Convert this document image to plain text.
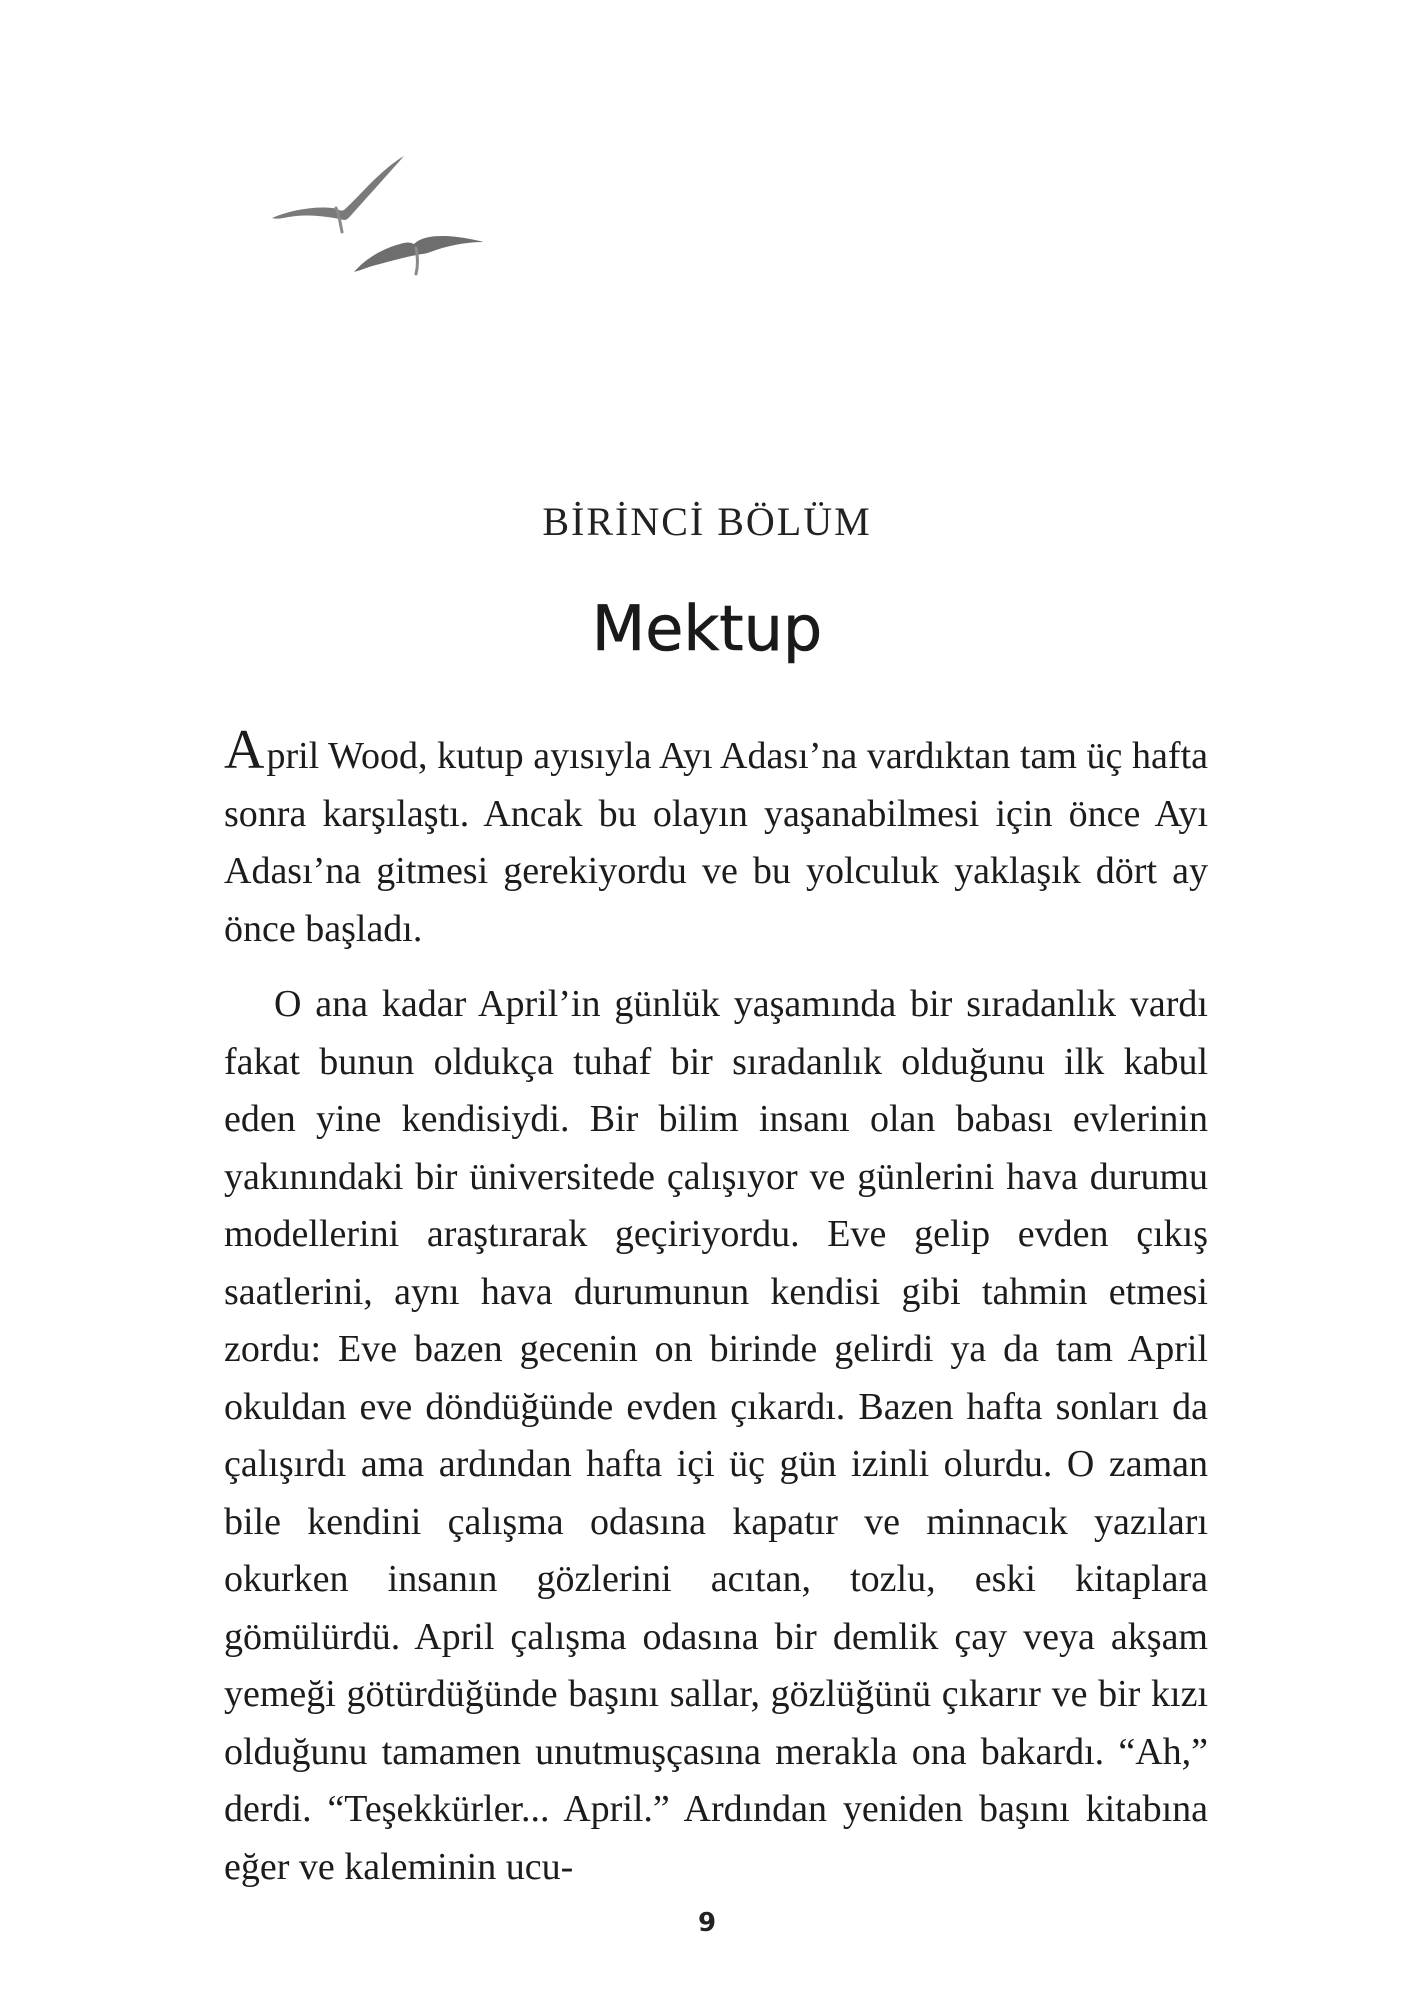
BİRİNCİ BÖLÜM
Mektup

April Wood, kutup ayısıyla Ayı Adası’na vardıktan tam üç hafta sonra karşılaştı. Ancak bu olayın yaşanabilmesi için önce Ayı Adası’na gitmesi gerekiyordu ve bu yolculuk yaklaşık dört ay önce başladı.

O ana kadar April’in günlük yaşamında bir sıradanlık vardı fakat bunun oldukça tuhaf bir sıradanlık olduğunu ilk kabul eden yine kendisiydi. Bir bilim insanı olan babası evlerinin yakınındaki bir üniversitede çalışıyor ve günlerini hava durumu modellerini araştırarak geçiriyordu. Eve gelip evden çıkış saatlerini, aynı hava durumunun kendisi gibi tahmin etmesi zordu: Eve bazen gecenin on birinde gelirdi ya da tam April okuldan eve döndüğünde evden çıkardı. Bazen hafta sonları da çalışırdı ama ardından hafta içi üç gün izinli olurdu. O zaman bile kendini çalışma odasına kapatır ve minnacık yazıları okurken insanın gözlerini acıtan, tozlu, eski kitaplara gömülürdü. April çalışma odasına bir demlik çay veya akşam yemeği götürdüğünde başını sallar, gözlüğünü çıkarır ve bir kızı olduğunu tamamen unutmuşçasına merakla ona bakardı. “Ah,” derdi. “Teşekkürler... April.” Ardından yeniden başını kitabına eğer ve kaleminin ucu-

9
